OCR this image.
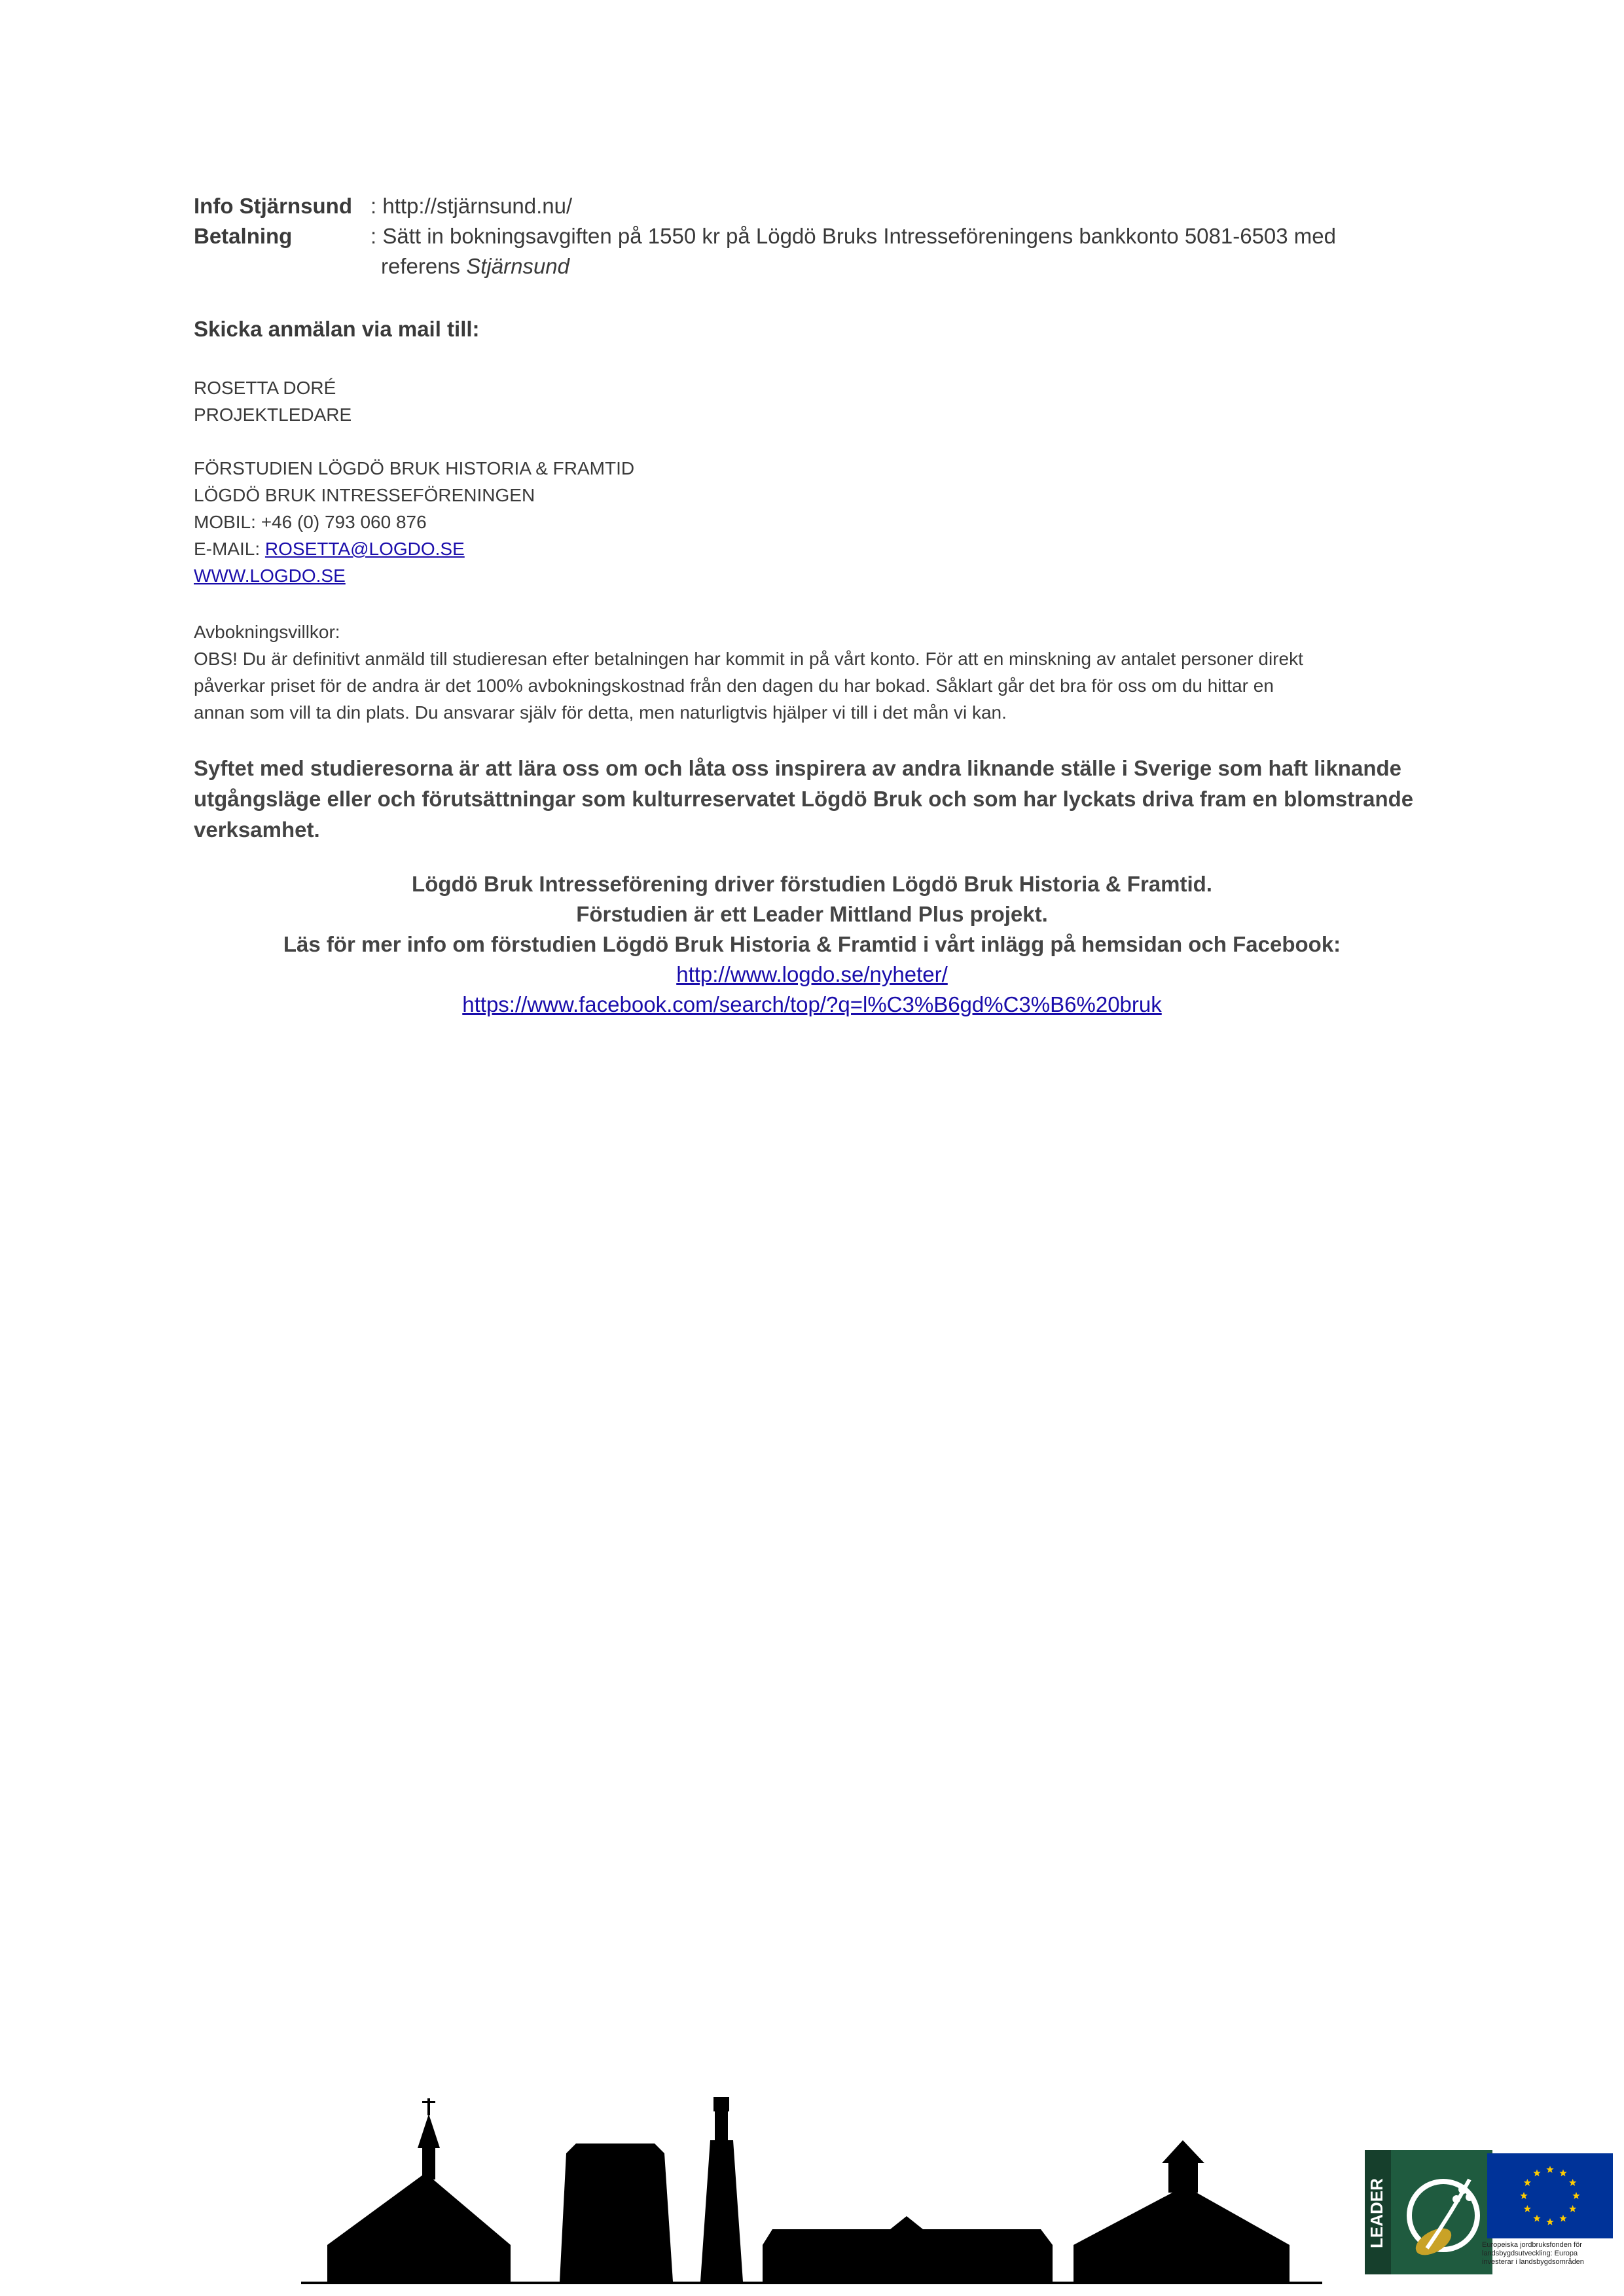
Info Stjärnsund : http://stjärnsund.nu/
Betalning	: Sätt in bokningsavgiften på 1550 kr på Lögdö Bruks Intresseföreningens bankkonto 5081-6503 med
referens Stjärnsund
Skicka anmälan via mail till:
ROSETTA DORÉ
PROJEKTLEDARE
FÖRSTUDIEN LÖGDÖ BRUK HISTORIA & FRAMTID
LÖGDÖ BRUK INTRESSEFÖRENINGEN
MOBIL: +46 (0) 793 060 876
E-MAIL: ROSETTA@LOGDO.SE
WWW.LOGDO.SE
Avbokningsvillkor:
OBS! Du är definitivt anmäld till studieresan efter betalningen har kommit in på vårt konto. För att en minskning av antalet personer direkt
påverkar priset för de andra är det 100% avbokningskostnad från den dagen du har bokad. Såklart går det bra för oss om du hittar en
annan som vill ta din plats. Du ansvarar själv för detta, men naturligtvis hjälper vi till i det mån vi kan.
Syftet med studieresorna är att lära oss om och låta oss inspirera av andra liknande ställe i Sverige som haft liknande
utgångsläge eller och förutsättningar som kulturreservatet Lögdö Bruk och som har lyckats driva fram en blomstrande
verksamhet.
Lögdö Bruk Intresseförening driver förstudien Lögdö Bruk Historia & Framtid.
Förstudien är ett Leader Mittland Plus projekt.
Läs för mer info om förstudien Lögdö Bruk Historia & Framtid i vårt inlägg på hemsidan och Facebook:
http://www.logdo.se/nyheter/
https://www.facebook.com/search/top/?q=l%C3%B6gd%C3%B6%20bruk
LEADER	Europeiska jordbruksfonden för
landsbygdsutveckling: Europa
investerar i landsbygdsområden
